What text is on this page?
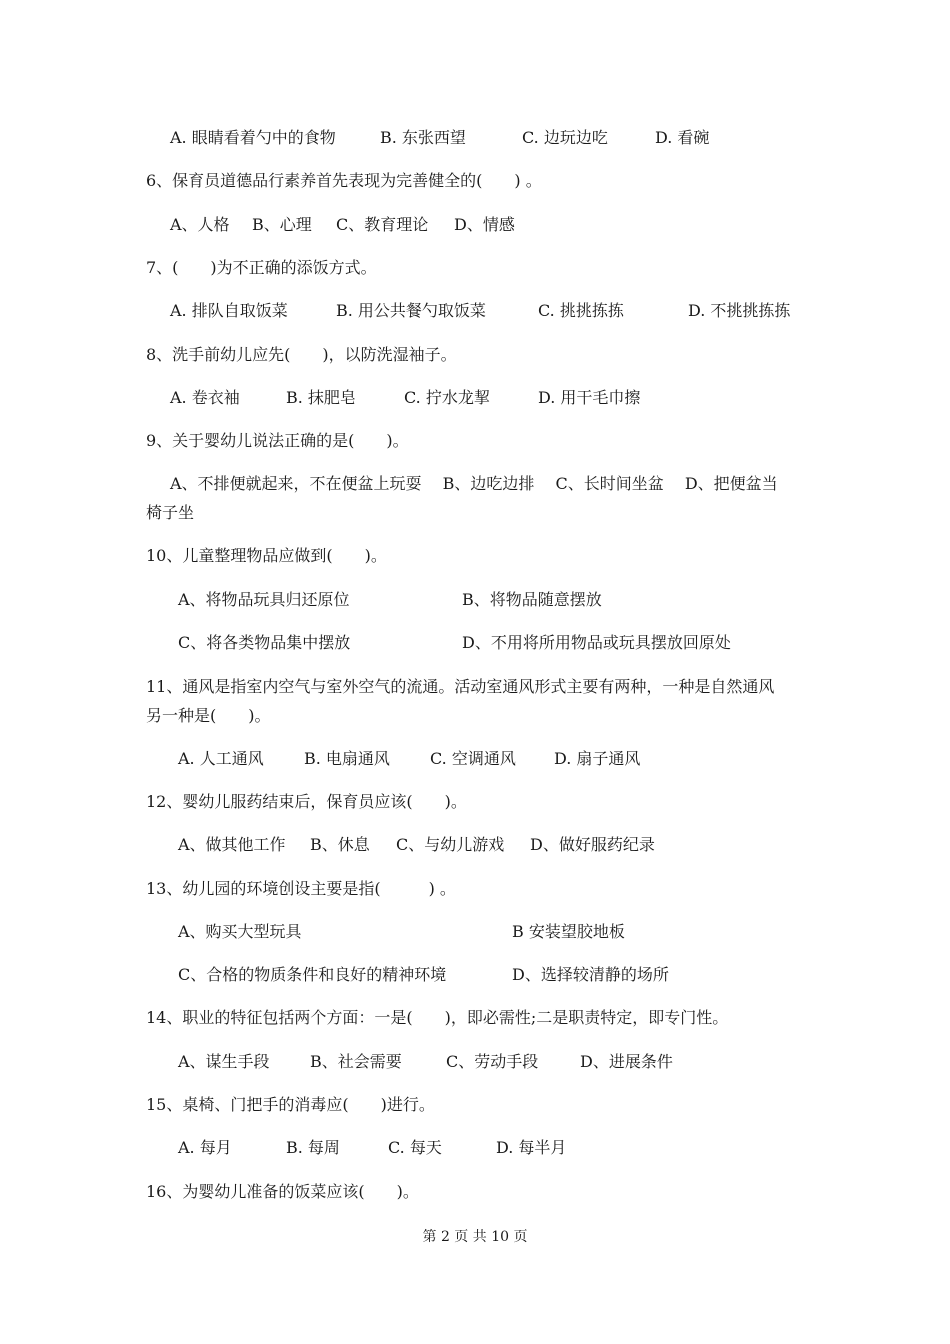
A. 眼睛看着勺中的食物	B. 东张西望	C. 边玩边吃	D. 看碗
6、保育员道德品行素养首先表现为完善健全的(　　) 。
A、人格 B、心理 C、教育理论 D、情感
7、(　　)为不正确的添饭方式。
A. 排队自取饭菜	B. 用公共餐勺取饭菜	C. 挑挑拣拣	D. 不挑挑拣拣
8、洗手前幼儿应先(　　)，以防洗湿袖子。
A. 卷衣袖	B. 抹肥皂	C. 拧水龙挈	D. 用干毛巾擦
9、关于婴幼儿说法正确的是(　　)。
A、不排便就起来，不在便盆上玩耍　 B、边吃边排　 C、长时间坐盆　 D、把便盆当
椅子坐
10、儿童整理物品应做到(　　)。
A、将物品玩具归还原位	B、将物品随意摆放
C、将各类物品集中摆放	D、不用将所用物品或玩具摆放回原处
11、通风是指室内空气与室外空气的流通。活动室通风形式主要有两种，一种是自然通风
另一种是(　　)。
A. 人工通风	B. 电扇通风	C. 空调通风 D. 扇子通风
12、婴幼儿服药结束后，保育员应该(　　)。
A、做其他工作 B、休息 C、与幼儿游戏 D、做好服药纪录
13、幼儿园的环境创设主要是指(　　　) 。
A、购买大型玩具	B 安装望胶地板
C、合格的物质条件和良好的精神环境	D、选择较清静的场所
14、职业的特征包括两个方面：一是(　　)，即必需性;二是职责特定，即专门性。
A、谋生手段	B、社会需要	C、劳动手段	D、进展条件
15、桌椅、门把手的消毒应(　　)进行。
A. 每月	B. 每周	C. 每天	D. 每半月
16、为婴幼儿准备的饭菜应该(　　)。
第 2 页 共 10 页
